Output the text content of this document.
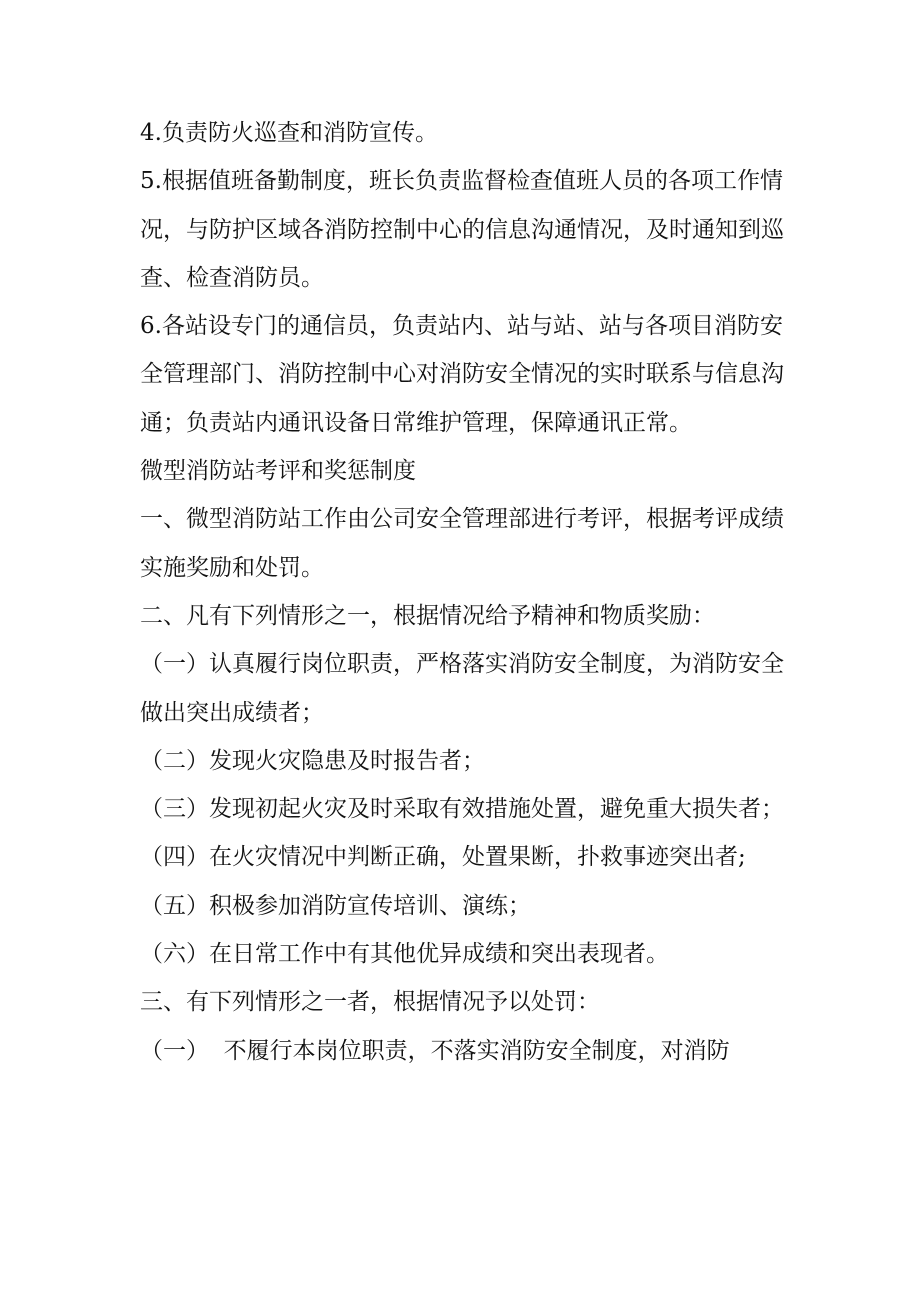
4.负责防火巡查和消防宣传。

5.根据值班备勤制度，班长负责监督检查值班人员的各项工作情况，与防护区域各消防控制中心的信息沟通情况，及时通知到巡查、检查消防员。

6.各站设专门的通信员，负责站内、站与站、站与各项目消防安全管理部门、消防控制中心对消防安全情况的实时联系与信息沟通；负责站内通讯设备日常维护管理，保障通讯正常。

微型消防站考评和奖惩制度

一、微型消防站工作由公司安全管理部进行考评，根据考评成绩实施奖励和处罚。

二、凡有下列情形之一，根据情况给予精神和物质奖励：

（一）认真履行岗位职责，严格落实消防安全制度，为消防安全做出突出成绩者；

（二）发现火灾隐患及时报告者；

（三）发现初起火灾及时采取有效措施处置，避免重大损失者；

（四）在火灾情况中判断正确，处置果断，扑救事迹突出者;

（五）积极参加消防宣传培训、演练；

（六）在日常工作中有其他优异成绩和突出表现者。

三、有下列情形之一者，根据情况予以处罚：

（一）  不履行本岗位职责，不落实消防安全制度，对消防
